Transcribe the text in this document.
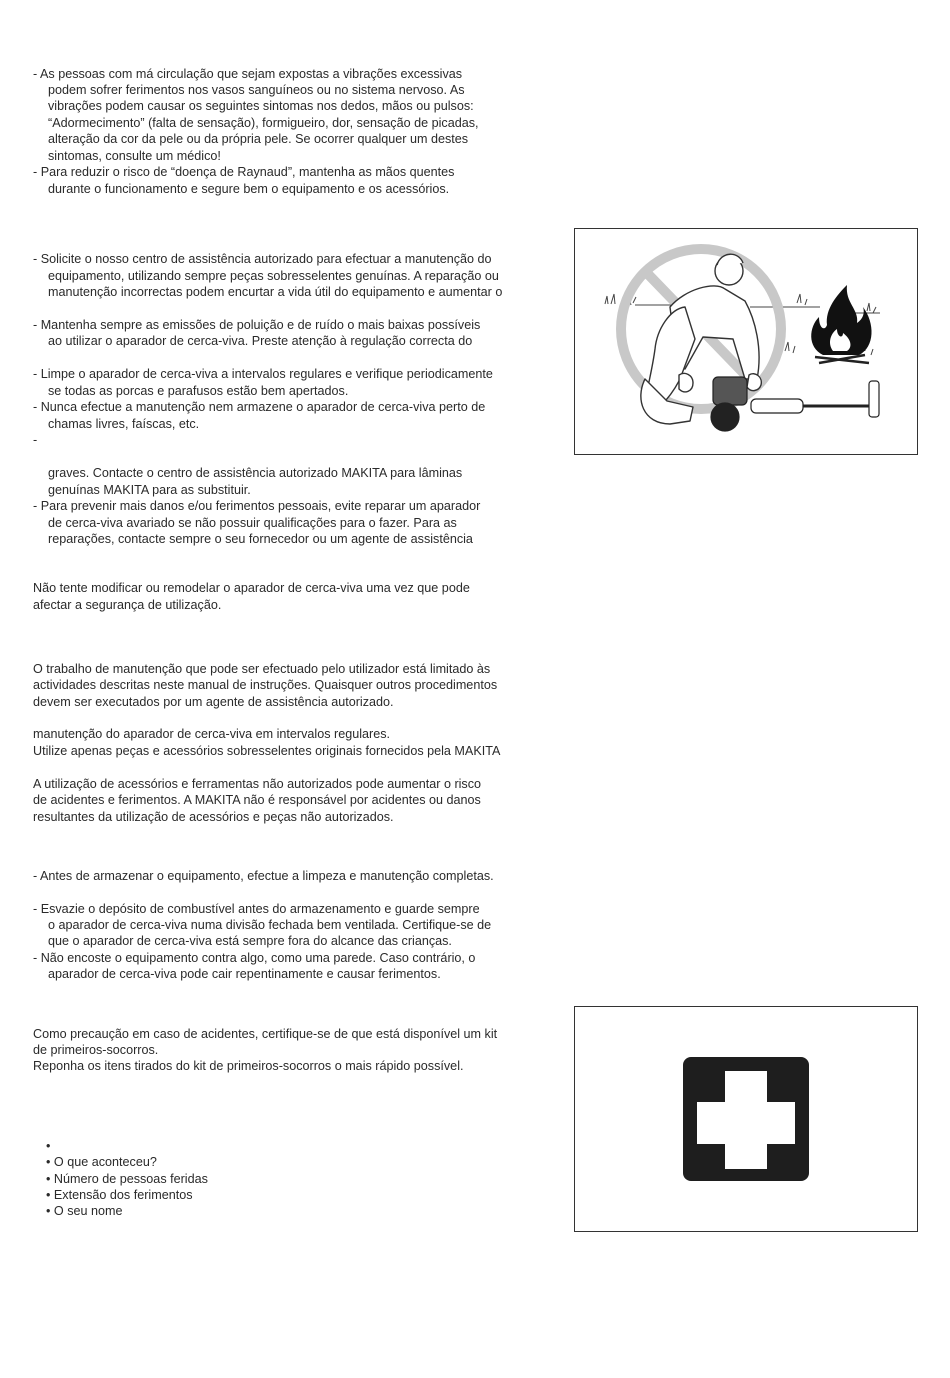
- As pessoas com má circulação que sejam expostas a vibrações excessivas
podem sofrer ferimentos nos vasos sanguíneos ou no sistema nervoso. As
vibrações podem causar os seguintes sintomas nos dedos, mãos ou pulsos:
“Adormecimento” (falta de sensação), formigueiro, dor, sensação de picadas,
alteração da cor da pele ou da própria pele. Se ocorrer qualquer um destes
sintomas, consulte um médico!
- Para reduzir o risco de “doença de Raynaud”, mantenha as mãos quentes
durante o funcionamento e segure bem o equipamento e os acessórios.
- Solicite o nosso centro de assistência autorizado para efectuar a manutenção do
equipamento, utilizando sempre peças sobresselentes genuínas. A reparação ou
manutenção incorrectas podem encurtar a vida útil do equipamento e aumentar o
- Mantenha sempre as emissões de poluição e de ruído o mais baixas possíveis
ao utilizar o aparador de cerca-viva. Preste atenção à regulação correcta do
- Limpe o aparador de cerca-viva a intervalos regulares e verifique periodicamente
se todas as porcas e parafusos estão bem apertados.
- Nunca efectue a manutenção nem armazene o aparador de cerca-viva perto de
chamas livres, faíscas, etc.
-
graves. Contacte o centro de assistência autorizado MAKITA para lâminas
genuínas MAKITA para as substituir.
- Para prevenir mais danos e/ou ferimentos pessoais, evite reparar um aparador
de cerca-viva avariado se não possuir qualificações para o fazer. Para as
reparações, contacte sempre o seu fornecedor ou um agente de assistência
Não tente modificar ou remodelar o aparador de cerca-viva uma vez que pode
afectar a segurança de utilização.
O trabalho de manutenção que pode ser efectuado pelo utilizador está limitado às
actividades descritas neste manual de instruções. Quaisquer outros procedimentos
devem ser executados por um agente de assistência autorizado.
manutenção do aparador de cerca-viva em intervalos regulares.
Utilize apenas peças e acessórios sobresselentes originais fornecidos pela MAKITA
A utilização de acessórios e ferramentas não autorizados pode aumentar o risco
de acidentes e ferimentos. A MAKITA não é responsável por acidentes ou danos
resultantes da utilização de acessórios e peças não autorizados.
- Antes de armazenar o equipamento, efectue a limpeza e manutenção completas.
- Esvazie o depósito de combustível antes do armazenamento e guarde sempre
o aparador de cerca-viva numa divisão fechada bem ventilada. Certifique-se de
que o aparador de cerca-viva está sempre fora do alcance das crianças.
- Não encoste o equipamento contra algo, como uma parede. Caso contrário, o
aparador de cerca-viva pode cair repentinamente e causar ferimentos.
Como precaução em caso de acidentes, certifique-se de que está disponível um kit
de primeiros-socorros.
Reponha os itens tirados do kit de primeiros-socorros o mais rápido possível.
•
• O que aconteceu?
• Número de pessoas feridas
• Extensão dos ferimentos
• O seu nome
